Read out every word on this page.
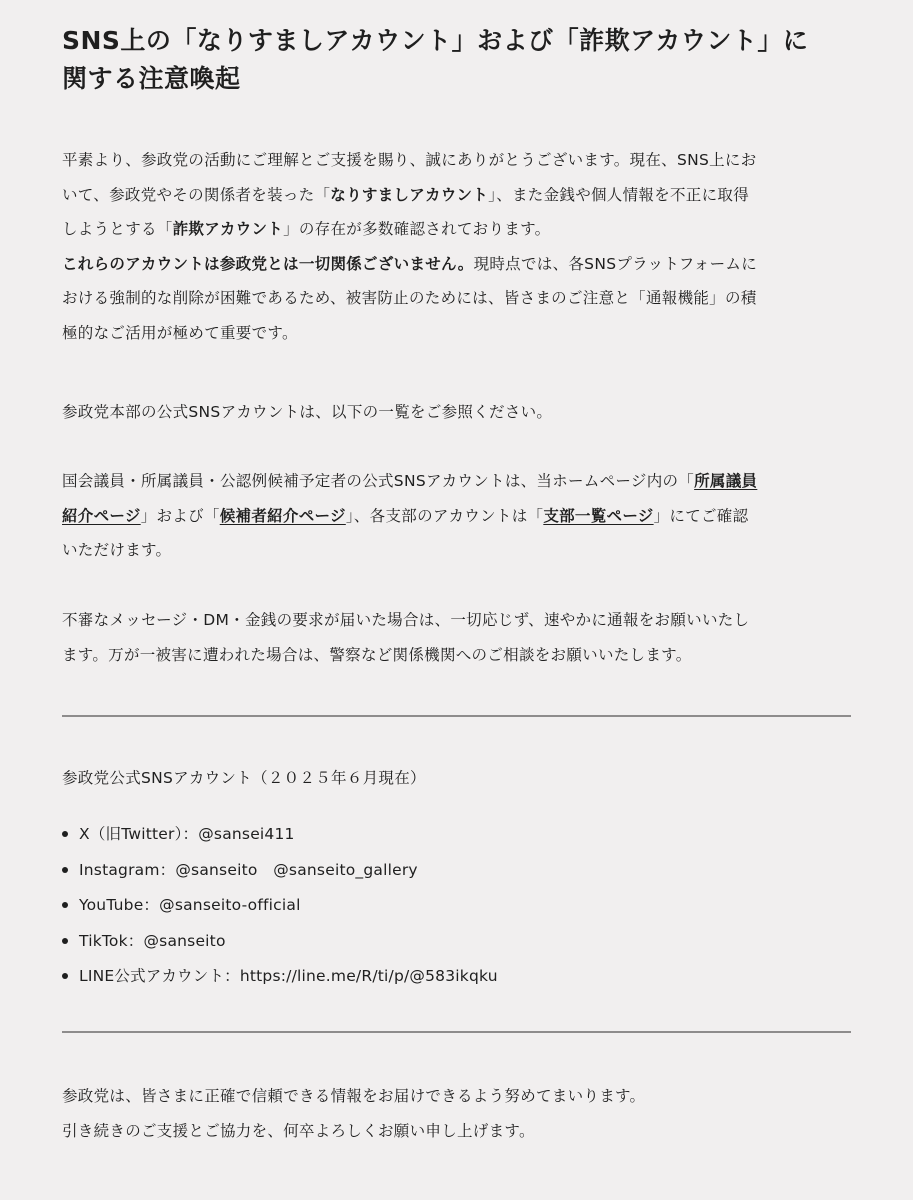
SNS上の「なりすましアカウント」および「詐欺アカウント」に
関する注意喚起
平素より、参政党の活動にご理解とご支援を賜り、誠にありがとうございます。現在、SNS上にお
いて、参政党やその関係者を装った「なりすましアカウント」、また金銭や個人情報を不正に取得
しようとする「詐欺アカウント」の存在が多数確認されております。
これらのアカウントは参政党とは一切関係ございません。現時点では、各SNSプラットフォームに
おける強制的な削除が困難であるため、被害防止のためには、皆さまのご注意と「通報機能」の積
極的なご活用が極めて重要です。
参政党本部の公式SNSアカウントは、以下の一覧をご参照ください。
国会議員・所属議員・公認例候補予定者の公式SNSアカウントは、当ホームページ内の「所属議員
紹介ページ」および「候補者紹介ページ」、各支部のアカウントは「支部一覧ページ」にてご確認
いただけます。
不審なメッセージ・DM・金銭の要求が届いた場合は、一切応じず、速やかに通報をお願いいたし
ます。万が一被害に遭われた場合は、警察など関係機関へのご相談をお願いいたします。
参政党公式SNSアカウント（２０２５年６月現在）
X（旧Twitter）：@sansei411
Instagram：@sanseito　@sanseito_gallery
YouTube：@sanseito-official
TikTok：@sanseito
LINE公式アカウント：https://line.me/R/ti/p/@583ikqku
参政党は、皆さまに正確で信頼できる情報をお届けできるよう努めてまいります。
引き続きのご支援とご協力を、何卒よろしくお願い申し上げます。
